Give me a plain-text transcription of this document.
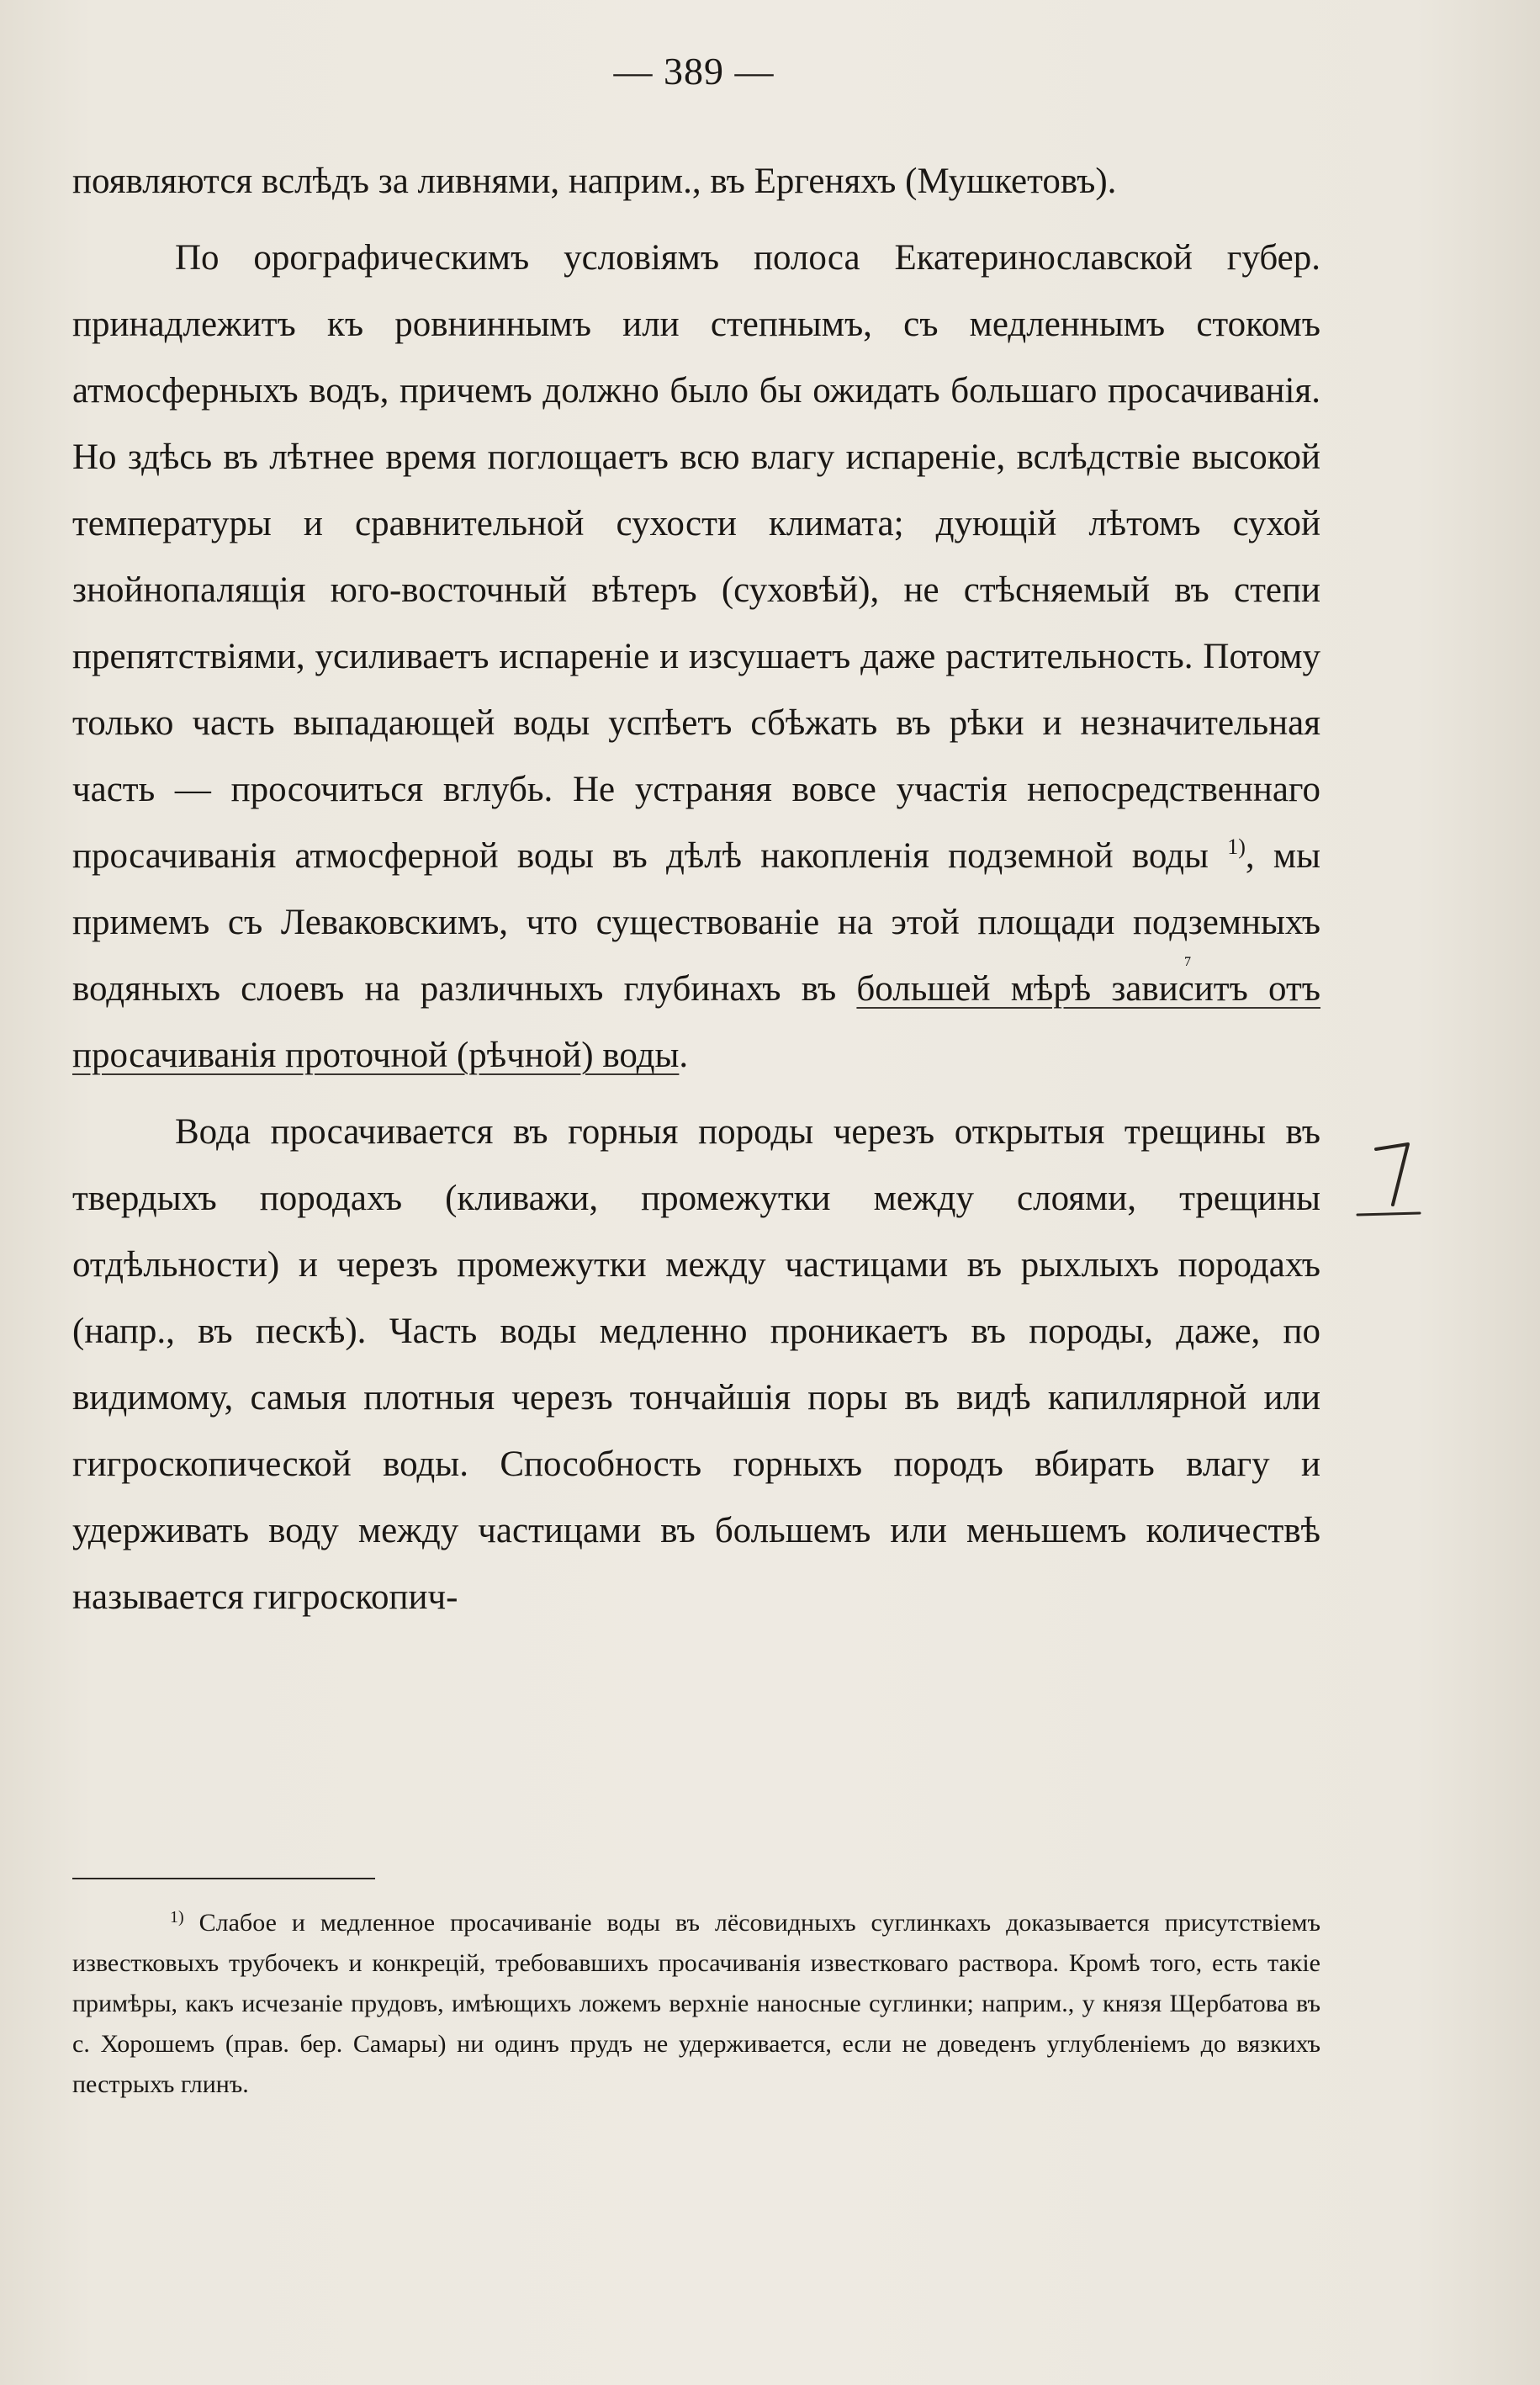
— 389 —

появляются вслѣдъ за ливнями, наприм., въ Ергеняхъ (Мушкетовъ).

По орографическимъ условіямъ полоса Екатеринославской губер. принадлежитъ къ ровниннымъ или степнымъ, съ медленнымъ стокомъ атмосферныхъ водъ, причемъ должно было бы ожидать большаго просачиванія. Но здѣсь въ лѣтнее время поглощаетъ всю влагу испареніе, вслѣдствіе высокой температуры и сравнительной сухости климата; дующій лѣтомъ сухой знойнопалящія юго-восточный вѣтеръ (суховѣй), не стѣсняемый въ степи препятствіями, усиливаетъ испареніе и изсушаетъ даже растительность. Потому только часть выпадающей воды успѣетъ сбѣжать въ рѣки и незначительная часть — просочиться вглубь. Не устраняя вовсе участія непосредственнаго просачиванія атмосферной воды въ дѣлѣ накопленія подземной воды $^{1)}$, мы примемъ съ Леваковскимъ, что существованіе на этой площади подземныхъ водяныхъ слоевъ на различныхъ глубинахъ въ большей мѣрѣ зависитъ отъ просачиванія проточной (рѣчной) воды.

Вода просачивается въ горныя породы черезъ открытыя трещины въ твердыхъ породахъ (кливажи, промежутки между слоями, трещины отдѣльности) и черезъ промежутки между частицами въ рыхлыхъ породахъ (напр., въ пескѣ). Часть воды медленно проникаетъ въ породы, даже, по видимому, самыя плотныя черезъ тончайшія поры въ видѣ капиллярной или гигроскопической воды. Способность горныхъ породъ вбирать влагу и удерживать воду между частицами въ большемъ или меньшемъ количествѣ называется гигроскопич-

$^{1)}$ Слабое и медленное просачиваніе воды въ лёсовидныхъ суглинкахъ доказывается присутствіемъ известковыхъ трубочекъ и конкрецій, требовавшихъ просачиванія известковаго раствора. Кромѣ того, есть такіе примѣры, какъ исчезаніе прудовъ, имѣющихъ ложемъ верхніе наносные суглинки; наприм., у князя Щербатова въ с. Хорошемъ (прав. бер. Самары) ни одинъ прудъ не удерживается, если не доведенъ углубленіемъ до вязкихъ пестрыхъ глинъ.
7
